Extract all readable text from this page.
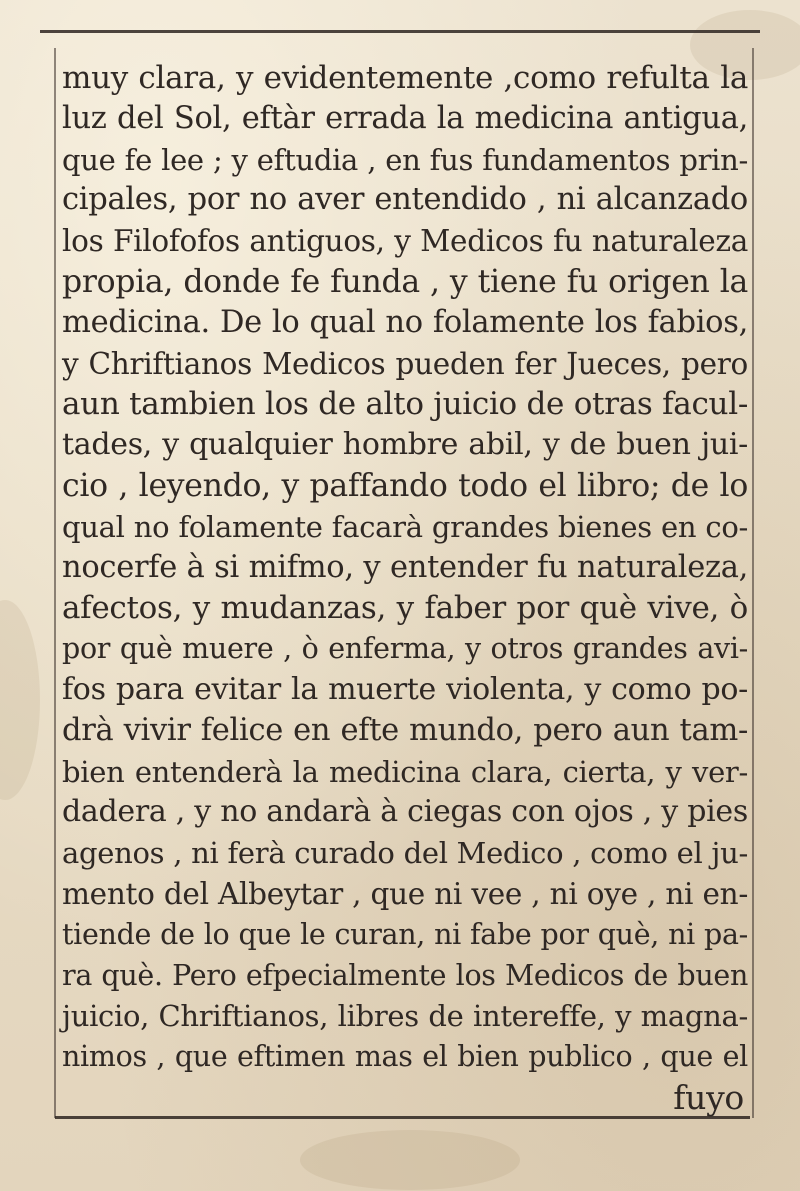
muy clara, y evidentemente ,como refulta la
luz del Sol, eftàr errada la medicina antigua,
que fe lee ; y eftudia , en fus fundamentos prin-
cipales, por no aver entendido , ni alcanzado
los Filofofos antiguos, y Medicos fu naturaleza
propia, donde fe funda , y tiene fu origen la
medicina. De lo qual no folamente los fabios,
y Chriftianos Medicos pueden fer Jueces, pero
aun tambien los de alto juicio de otras facul-
tades, y qualquier hombre abil, y de buen jui-
cio , leyendo, y paffando todo el libro; de lo
qual no folamente facarà grandes bienes en co-
nocerfe à si mifmo, y entender fu naturaleza,
afectos, y mudanzas, y faber por què vive, ò
por què muere , ò enferma, y otros grandes avi-
fos para evitar la muerte violenta, y como po-
drà vivir felice en efte mundo, pero aun tam-
bien entenderà la medicina clara, cierta, y ver-
dadera , y no andarà à ciegas con ojos , y pies
agenos , ni ferà curado del Medico , como el ju-
mento del Albeytar , que ni vee , ni oye , ni en-
tiende de lo que le curan, ni fabe por què, ni pa-
ra què. Pero efpecialmente los Medicos de buen
juicio, Chriftianos, libres de intereffe, y magna-
nimos , que eftimen mas el bien publico , que el
fuyo
